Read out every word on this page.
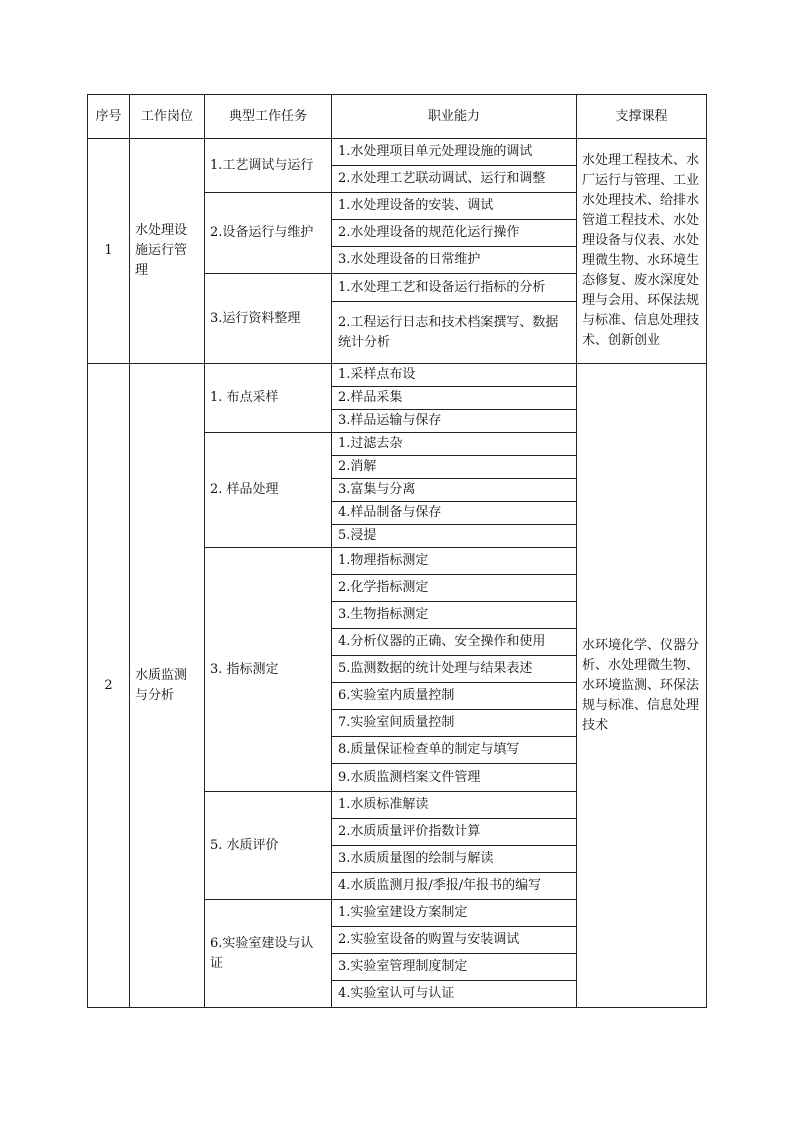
序号	工作岗位	典型工作任务	职业能力	支撑课程
1	水处理设施运行管理	1.工艺调试与运行	1.水处理项目单元处理设施的调试	水处理工程技术、水厂运行与管理、工业水处理技术、给排水管道工程技术、水处理设备与仪表、水处理微生物、水环境生态修复、废水深度处理与会用、环保法规与标准、信息处理技术、创新创业
			2.水处理工艺联动调试、运行和调整	
		2.设备运行与维护	1.水处理设备的安装、调试	
			2.水处理设备的规范化运行操作	
			3.水处理设备的日常维护	
		3.运行资料整理	1.水处理工艺和设备运行指标的分析	
			2.工程运行日志和技术档案撰写、数据统计分析	
2	水质监测与分析	1. 布点采样	1.采样点布设	水环境化学、仪器分析、水处理微生物、水环境监测、环保法规与标准、信息处理技术
			2.样品采集	
			3.样品运输与保存	
		2. 样品处理	1.过滤去杂	
			2.消解	
			3.富集与分离	
			4.样品制备与保存	
			5.浸提	
		3. 指标测定	1.物理指标测定	
			2.化学指标测定	
			3.生物指标测定	
			4.分析仪器的正确、安全操作和使用	
			5.监测数据的统计处理与结果表述	
			6.实验室内质量控制	
			7.实验室间质量控制	
			8.质量保证检查单的制定与填写	
			9.水质监测档案文件管理	
		5. 水质评价	1.水质标准解读	
			2.水质质量评价指数计算	
			3.水质质量图的绘制与解读	
			4.水质监测月报/季报/年报书的编写	
		6.实验室建设与认证	1.实验室建设方案制定	
			2.实验室设备的购置与安装调试	
			3.实验室管理制度制定	
			4.实验室认可与认证	
